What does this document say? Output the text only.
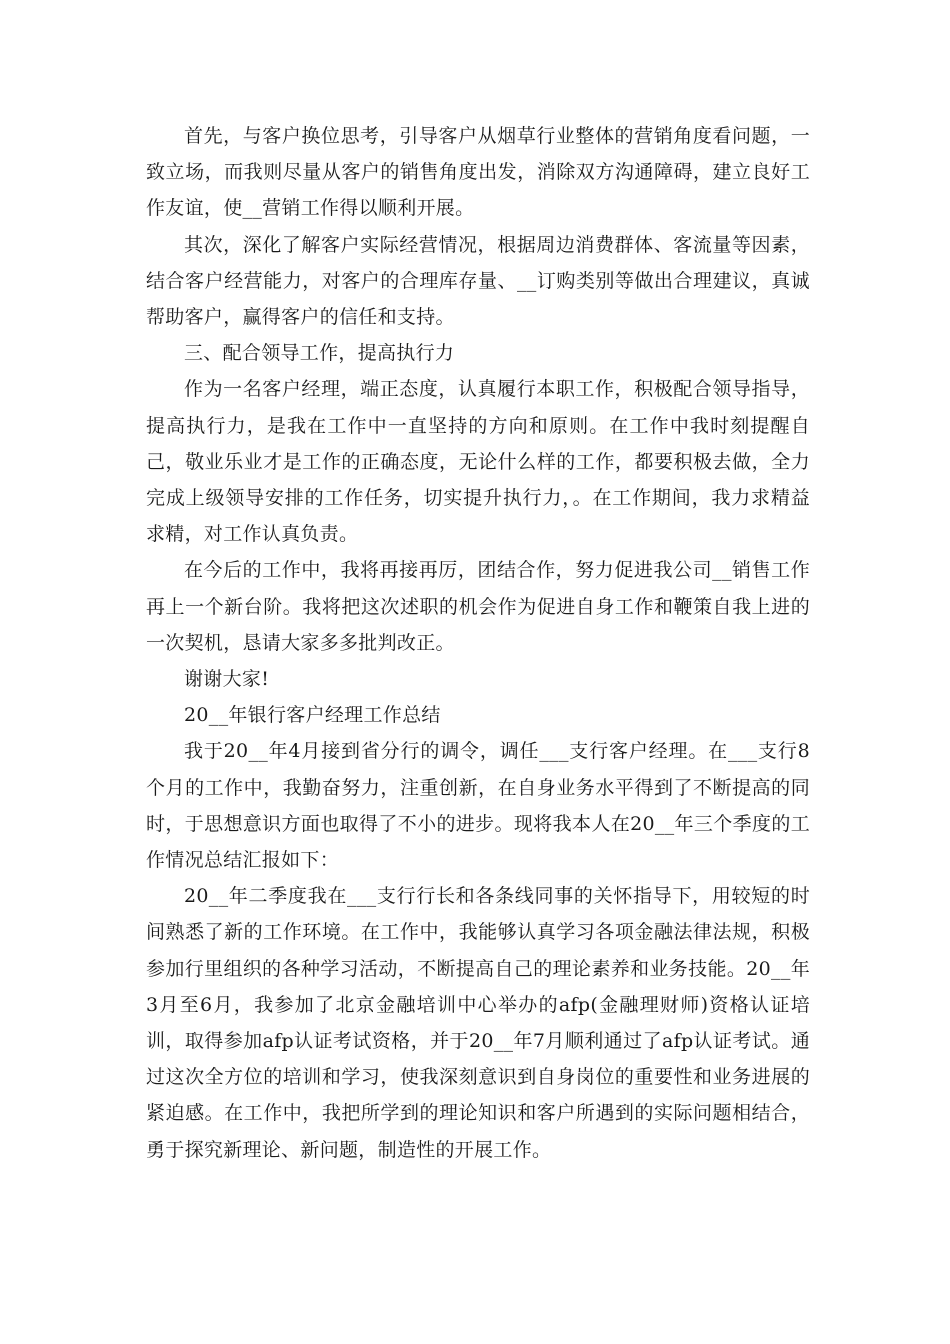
首先，与客户换位思考，引导客户从烟草行业整体的营销角度看问题，一致立场，而我则尽量从客户的销售角度出发，消除双方沟通障碍，建立良好工作友谊，使__营销工作得以顺利开展。

其次，深化了解客户实际经营情况，根据周边消费群体、客流量等因素，结合客户经营能力，对客户的合理库存量、__订购类别等做出合理建议，真诚帮助客户，赢得客户的信任和支持。

三、配合领导工作，提高执行力

作为一名客户经理，端正态度，认真履行本职工作，积极配合领导指导，提高执行力，是我在工作中一直坚持的方向和原则。在工作中我时刻提醒自己，敬业乐业才是工作的正确态度，无论什么样的工作，都要积极去做，全力完成上级领导安排的工作任务，切实提升执行力，。在工作期间，我力求精益求精，对工作认真负责。

在今后的工作中，我将再接再厉，团结合作，努力促进我公司__销售工作再上一个新台阶。我将把这次述职的机会作为促进自身工作和鞭策自我上进的一次契机，恳请大家多多批判改正。

谢谢大家!

20__年银行客户经理工作总结

我于20__年4月接到省分行的调令，调任___支行客户经理。在___支行8个月的工作中，我勤奋努力，注重创新，在自身业务水平得到了不断提高的同时，于思想意识方面也取得了不小的进步。现将我本人在20__年三个季度的工作情况总结汇报如下：

20__年二季度我在___支行行长和各条线同事的关怀指导下，用较短的时间熟悉了新的工作环境。在工作中，我能够认真学习各项金融法律法规，积极参加行里组织的各种学习活动，不断提高自己的理论素养和业务技能。20__年3月至6月，我参加了北京金融培训中心举办的afp(金融理财师)资格认证培训，取得参加afp认证考试资格，并于20__年7月顺利通过了afp认证考试。通过这次全方位的培训和学习，使我深刻意识到自身岗位的重要性和业务进展的紧迫感。在工作中，我把所学到的理论知识和客户所遇到的实际问题相结合，勇于探究新理论、新问题，制造性的开展工作。
